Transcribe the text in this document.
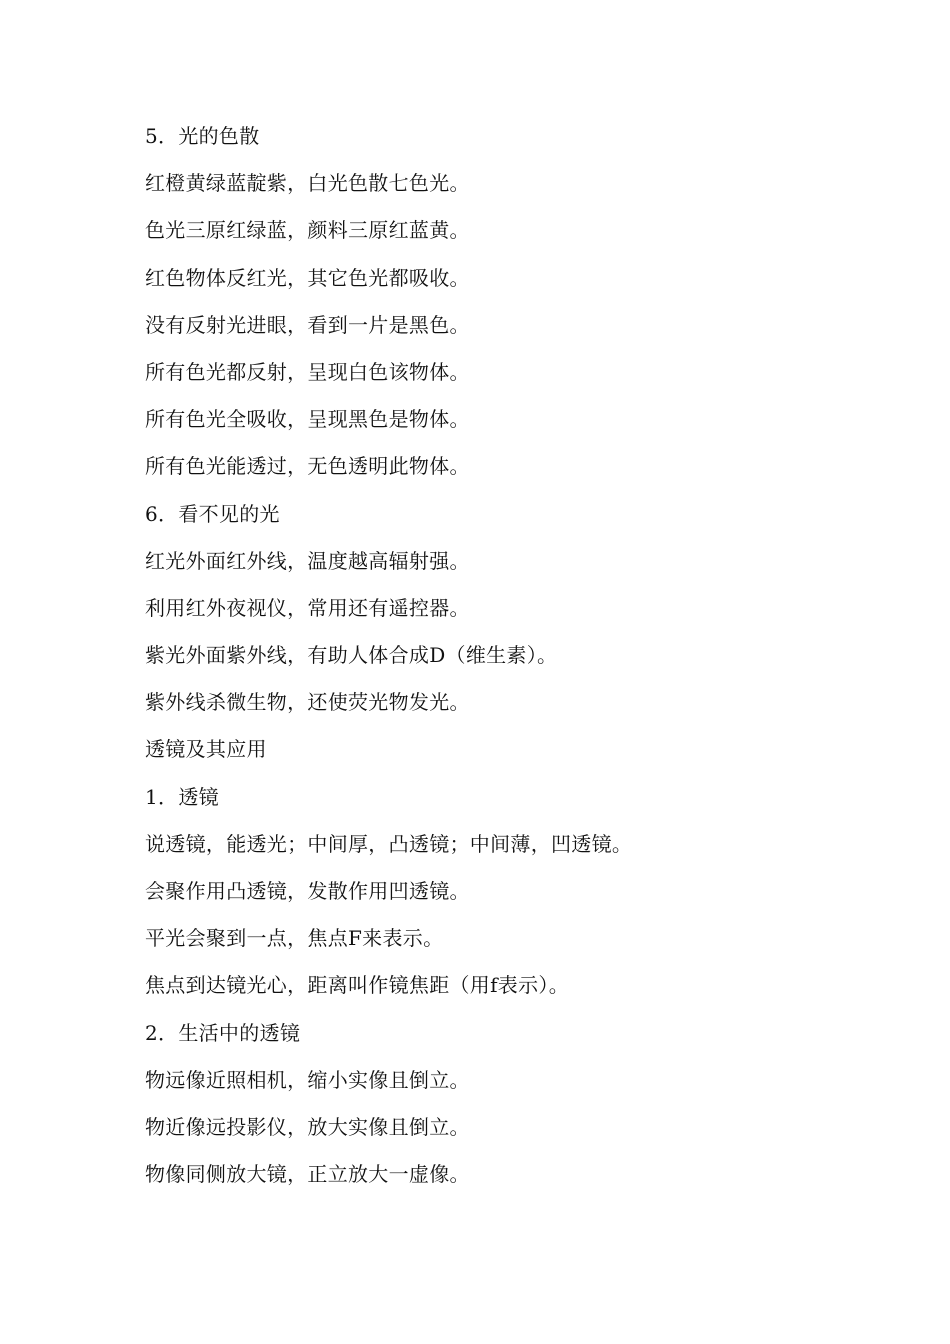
5．光的色散
红橙黄绿蓝靛紫，白光色散七色光。
色光三原红绿蓝，颜料三原红蓝黄。
红色物体反红光，其它色光都吸收。
没有反射光进眼，看到一片是黑色。
所有色光都反射，呈现白色该物体。
所有色光全吸收，呈现黑色是物体。
所有色光能透过，无色透明此物体。
6．看不见的光
红光外面红外线，温度越高辐射强。
利用红外夜视仪，常用还有遥控器。
紫光外面紫外线，有助人体合成D（维生素）。
紫外线杀微生物，还使荧光物发光。
透镜及其应用
1．透镜
说透镜，能透光；中间厚，凸透镜；中间薄，凹透镜。
会聚作用凸透镜，发散作用凹透镜。
平光会聚到一点，焦点F来表示。
焦点到达镜光心，距离叫作镜焦距（用f表示）。
2．生活中的透镜
物远像近照相机，缩小实像且倒立。
物近像远投影仪，放大实像且倒立。
物像同侧放大镜，正立放大一虚像。
